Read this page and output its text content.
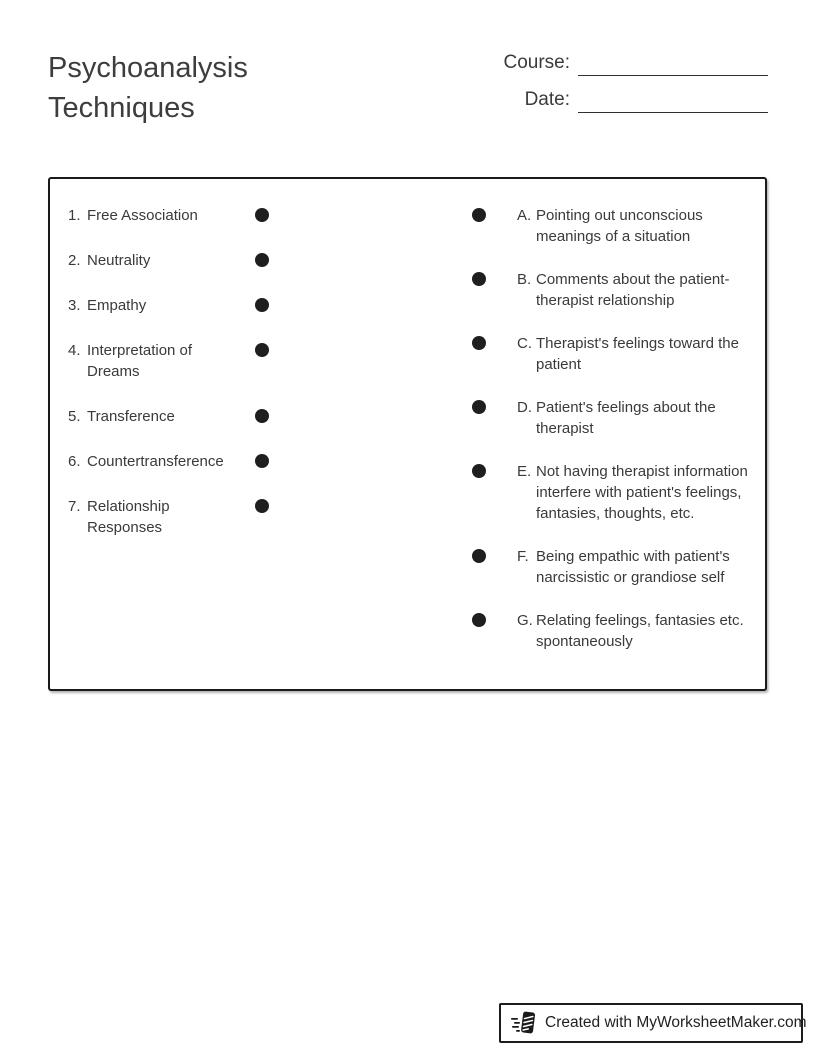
Psychoanalysis Techniques
Course:
Date:
1. Free Association
2. Neutrality
3. Empathy
4. Interpretation of Dreams
5. Transference
6. Countertransference
7. Relationship Responses
A. Pointing out unconscious meanings of a situation
B. Comments about the patient-therapist relationship
C. Therapist's feelings toward the patient
D. Patient's feelings about the therapist
E. Not having therapist information interfere with patient's feelings, fantasies, thoughts, etc.
F. Being empathic with patient's narcissistic or grandiose self
G. Relating feelings, fantasies etc. spontaneously
Created with MyWorksheetMaker.com
